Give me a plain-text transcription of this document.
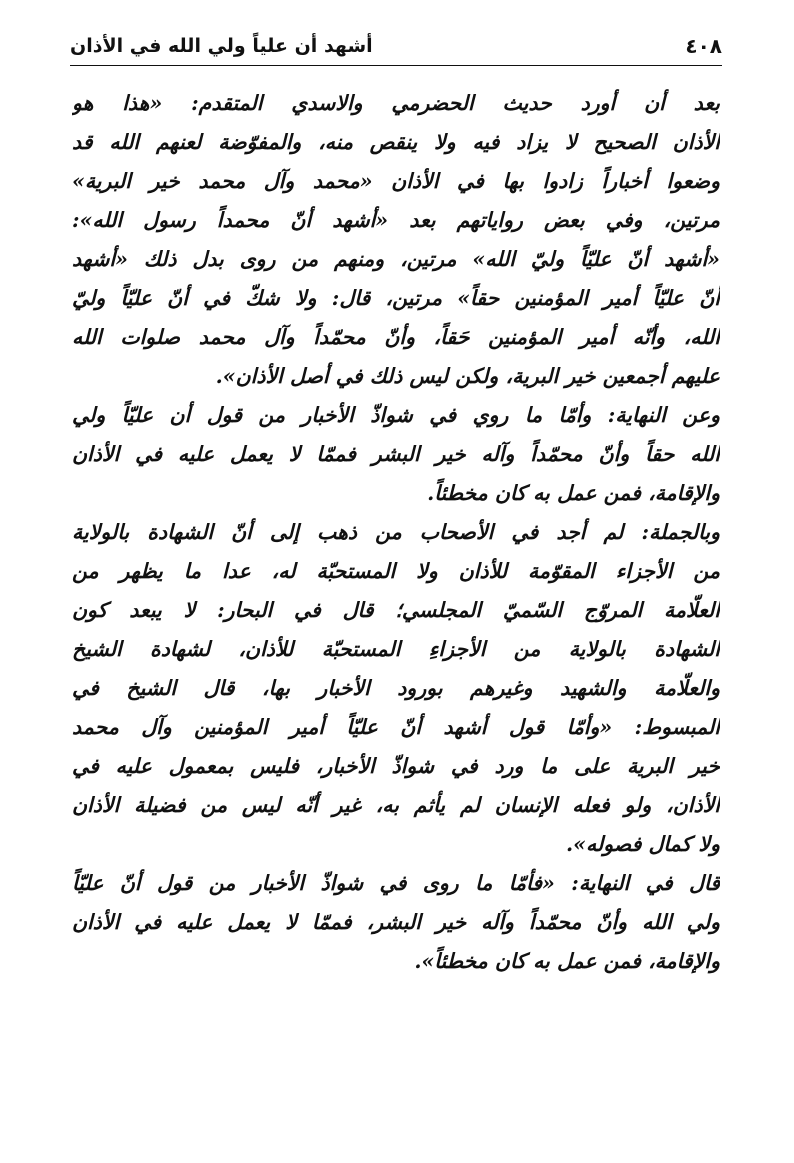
٤٠٨
أشهد أن علياً ولي الله في الأذان
بعد أن أورد حديث الحضرمي والاسدي المتقدم: «هذا هو
الأذان الصحيح لا يزاد فيه ولا ينقص منه، والمفوّضة لعنهم الله قد
وضعوا أخباراً زادوا بها في الأذان «محمد وآل محمد خير البرية»
مرتين، وفي بعض رواياتهم بعد «أشهد أنّ محمداً رسول الله»:
«أشهد أنّ عليّاً وليّ الله» مرتين، ومنهم من روى بدل ذلك «أشهد
أنّ عليّاً أمير المؤمنين حقاً» مرتين، قال: ولا شكّ في أنّ عليّاً وليّ
الله، وأنّه أمير المؤمنين حَقاً، وأنّ محمّداً وآل محمد صلوات الله
عليهم أجمعين خير البرية، ولكن ليس ذلك في أصل الأذان».
وعن النهاية: وأمّا ما روي في شواذّ الأخبار من قول أن عليّاً ولي
الله حقاً وأنّ محمّداً وآله خير البشر فممّا لا يعمل عليه في الأذان
والإقامة، فمن عمل به كان مخطئاً.
وبالجملة: لم أجد في الأصحاب من ذهب إلى أنّ الشهادة بالولاية
من الأجزاء المقوّمة للأذان ولا المستحبّة له، عدا ما يظهر من
العلّامة المروّج السّميّ المجلسي؛ قال في البحار: لا يبعد كون
الشهادة بالولاية من الأجزاءِ المستحبّة للأذان، لشهادة الشيخ
والعلّامة والشهيد وغيرهم بورود الأخبار بها، قال الشيخ في
المبسوط: «وأمّا قول أشهد أنّ عليّاً أمير المؤمنين وآل محمد
خير البرية على ما ورد في شواذّ الأخبار، فليس بمعمول عليه في
الأذان، ولو فعله الإنسان لم يأثم به، غير أنّه ليس من فضيلة الأذان
ولا كمال فصوله».
قال في النهاية: «فأمّا ما روى في شواذّ الأخبار من قول أنّ عليّاً
ولي الله وأنّ محمّداً وآله خير البشر، فممّا لا يعمل عليه في الأذان
والإقامة، فمن عمل به كان مخطئاً».
